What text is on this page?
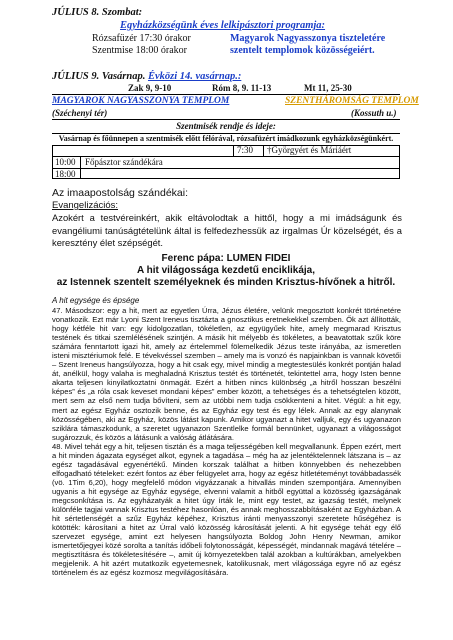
JÚLIUS 8. Szombat:
Egyházközségünk éves lelkipásztori programja:
Rózsafüzér 17:30 órakor
Szentmise 18:00 órakor
Magyarok Nagyasszonya tiszteletére
szentelt templomok közösségeiért.
JÚLIUS 9. Vasárnap. Évközi 14. vasárnap.:
Zak 9, 9-10	Róm 8, 9. 11-13	Mt 11, 25-30
MAGYAROK NAGYASSZONYA TEMPLOM	SZENTHÁROMSÁG TEMPLOM
(Széchenyi tér)	(Kossuth u.)
Szentmisék rendje és ideje:
Vasárnap és főünnepen a szentmisék előtt félórával, rózsafüzért imádkozunk egyházközségünkért.
7:30	†Györgyért és Máriáért
10:00 Főpásztor szándékára
18:00
Az imaapostolság szándékai:
Evangelizációs:
Azokért a testvéreinkért, akik eltávolodtak a hittől, hogy a mi imádságunk és evangéliumi tanúságtételünk által is felfedezhessük az irgalmas Úr közelségét, és a keresztény élet szépségét.
Ferenc pápa: LUMEN FIDEI
A hit világossága kezdetű enciklikája,
az Istennek szentelt személyeknek és minden Krisztus-hívőnek a hitről.
A hit egysége és épsége

47. Másodszor: egy a hit, mert az egyetlen Úrra, Jézus életére, velünk megosztott konkrét történetére vonatkozik. Ezt már Lyoni Szent Ireneus tisztázta a gnosztikus eretnekekkel szemben. Ők azt állították, hogy kétféle hit van: egy kidolgozatlan, tökéletlen, az együgyűek hite, amely megmarad Krisztus testének és titkai szemlélésének szintjén. A másik hit mélyebb és tökéletes, a beavatottak szűk köre számára fenntartott igazi hit, amely az értelemmel fölemelkedik Jézus teste irányába, az ismeretlen isteni misztériumok felé. E tévekvéssel szemben – amely ma is vonzó és napjainkban is vannak követői – Szent Ireneus hangsúlyozza, hogy a hit csak egy, mivel mindig a megtestesülés konkrét pontján halad át, anélkül, hogy valaha is meghaladná Krisztus testét és történetét, tekintettel arra, hogy Isten benne akarta teljesen kinyilatkoztatni önmagát. Ezért a hitben nincs különbség „a hitről hosszan beszélni képes” és „a róla csak keveset mondani képes” ember között, a tehetséges és a tehetségtelen között, mert sem az első nem tudja bővíteni, sem az utóbbi nem tudja csökkenteni a hitet. Végül: a hit egy, mert az egész Egyház osztozik benne, és az Egyház egy test és egy lélek. Annak az egy alanynak közösségében, aki az Egyház, közös látást kapunk. Amikor ugyanazt a hitet valljuk, egy és ugyanazon sziklára támaszkodunk, a szeretet ugyanazon Szentlelke formál bennünket, ugyanazt a világosságot sugározzuk, és közös a látásunk a valóság átlátására.

48. Mivel tehát egy a hit, teljesen tisztán és a maga teljességében kell megvallanunk. Éppen ezért, mert a hit minden ágazata egységet alkot, egynek a tagadása – még ha az jelentéktelennek látszana is – az egész tagadásával egyenértékű. Minden korszak találhat a hitben könnyebben és nehezebben elfogadható tételeket: ezért fontos az éber felügyelet arra, hogy az egész hitletéteményt továbbadassék (vö. 1Tim 6,20), hogy megfelelő módon vigyázzanak a hitvallás minden szempontjára. Amennyiben ugyanis a hit egysége az Egyház egysége, elvenni valamit a hitből együttal a közösség igazságának megcsonkítása is. Az egyházatyák a hitet úgy írták le, mint egy testet, az igazság testét, melynek különféle tagjai vannak Krisztus testéhez hasonlóan, és annak meghosszabbításaként az Egyházban. A hit sértetlenségét a szűz Egyház képéhez, Krisztus iránti menyasszonyi szeretete hűségéhez is kötötték: károsítani a hitet az Úrral való közösség károsítását jelenti. A hit egysége tehát egy élő szervezet egysége, amint ezt helyesen hangsúlyozta Boldog John Henry Newman, amikor ismertetőjegyei közé sorolta a tanítás időbeli folytonosságát, képességét, mindannak magává tételére – megtisztításra és tökéletesítésére –, amit új környezetekben talál azokban a kultúrákban, amelyekben megjelenik. A hit azért mutatkozik egyetemesnek, katolikusnak, mert világossága egyre nő az egész történelem és az egész kozmosz megvilágosítására.
